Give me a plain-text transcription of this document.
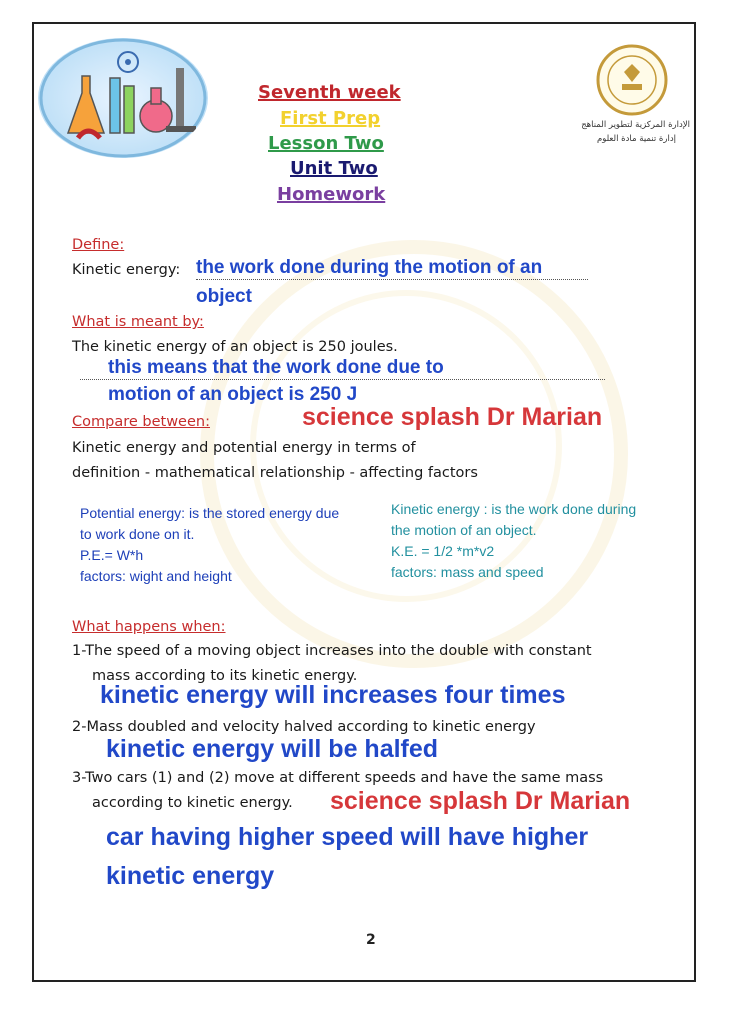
الإدارة المركزية لتطوير المناهج
إدارة تنمية مادة العلوم
Seventh week
First Prep
Lesson Two
Unit Two
Homework
Define:
Kinetic energy: the work done during the motion of an
object
What is meant by:
The kinetic energy of an object is 250 joules.
this means that the work done due to
motion of an object is 250 J
Compare between:	science splash Dr Marian
Kinetic energy and potential energy in terms of
definition - mathematical relationship - affecting factors
Potential energy: is the stored energy due
to work done on it.
P.E.= W*h
factors: wight and height
Kinetic energy : is the work done during
the motion of an object.
K.E. = 1/2 *m*v2
factors: mass and speed
What happens when:
1-The speed of a moving object increases into the double with constant
mass according to its kinetic energy.
kinetic energy will increases four times
2-Mass doubled and velocity halved according to kinetic energy
kinetic energy will be halfed
3-Two cars (1) and (2) move at different speeds and have the same mass
according to kinetic energy. science splash Dr Marian
car having higher speed will have higher
kinetic energy
2
